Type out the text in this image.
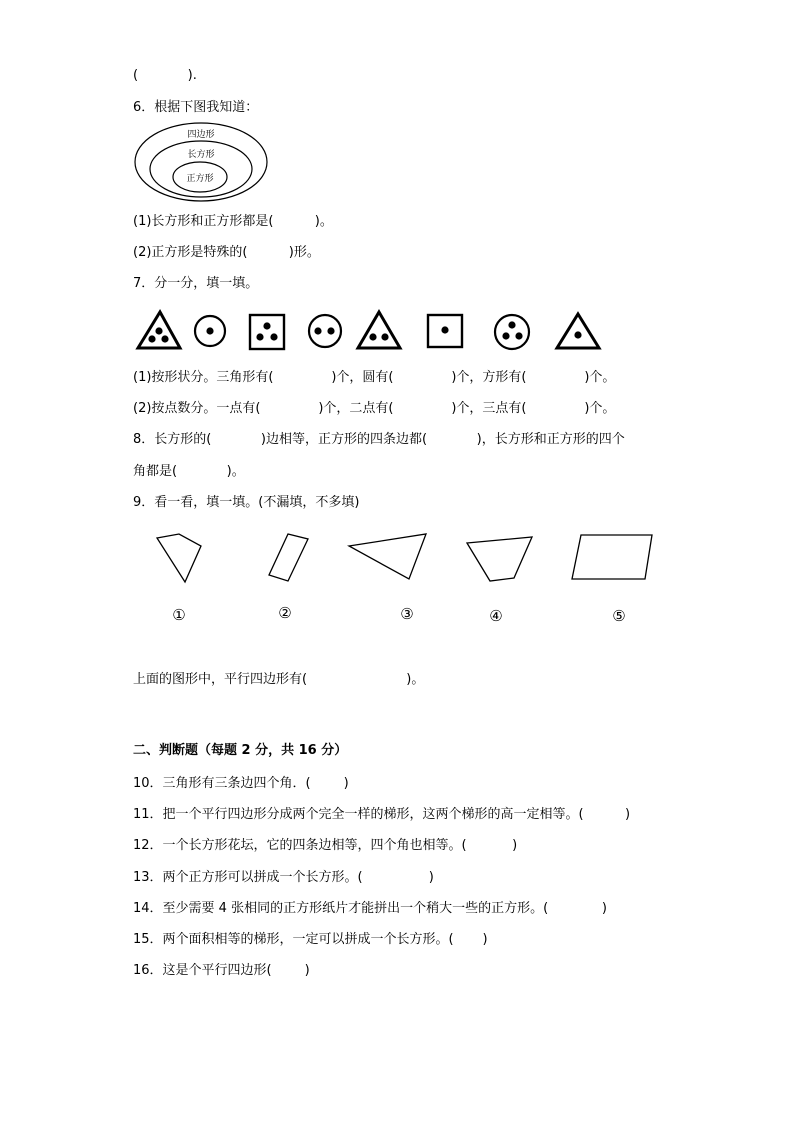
(            ).
6．根据下图我知道：
四边形
长方形
正方形
(1)长方形和正方形都是(          )。
(2)正方形是特殊的(          )形。
7．分一分，填一填。
(1)按形状分。三角形有(              )个，圆有(              )个，方形有(              )个。
(2)按点数分。一点有(              )个，二点有(              )个，三点有(              )个。
8．长方形的(            )边相等，正方形的四条边都(            )，长方形和正方形的四个
角都是(            )。
9．看一看，填一填。(不漏填，不多填)
①	②	③	④	⑤
上面的图形中，平行四边形有(                        )。
二、判断题（每题 2 分，共 16 分）
10．三角形有三条边四个角．(        )
11．把一个平行四边形分成两个完全一样的梯形，这两个梯形的高一定相等。(          )
12．一个长方形花坛，它的四条边相等，四个角也相等。(           )
13．两个正方形可以拼成一个长方形。(                )
14．至少需要 4 张相同的正方形纸片才能拼出一个稍大一些的正方形。(             )
15．两个面积相等的梯形，一定可以拼成一个长方形。(       )
16．这是个平行四边形(        )
